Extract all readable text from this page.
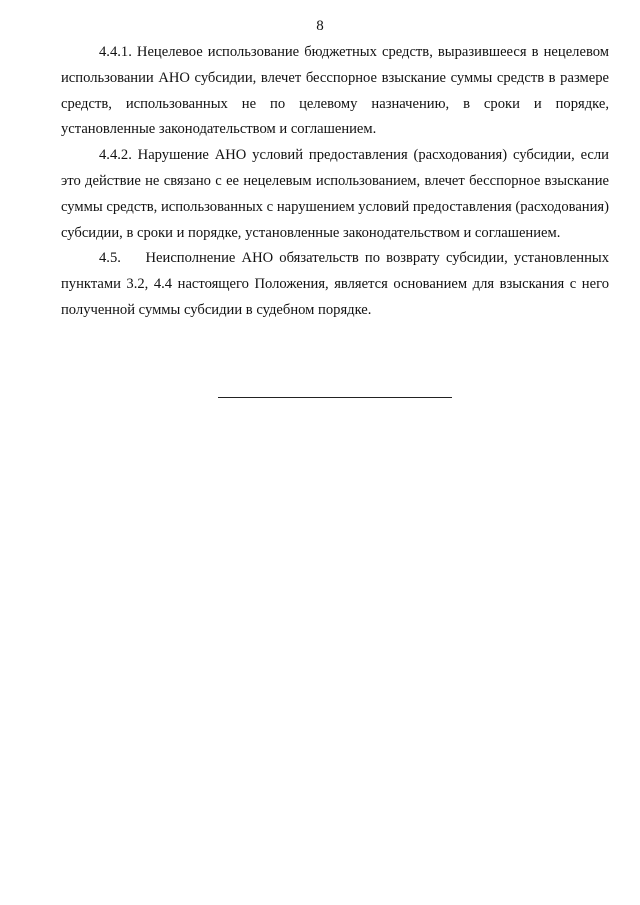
8

4.4.1. Нецелевое использование бюджетных средств, выразившееся в нецелевом использовании АНО субсидии, влечет бесспорное взыскание суммы средств в размере средств, использованных не по целевому назначению, в сроки и порядке, установленные законодательством и соглашением.

4.4.2. Нарушение АНО условий предоставления (расходования) субсидии, если это действие не связано с ее нецелевым использованием, влечет бесспорное взыскание суммы средств, использованных с нарушением условий предоставления (расходования) субсидии, в сроки и порядке, установленные законодательством и соглашением.

4.5.    Неисполнение АНО обязательств по возврату субсидии, установленных пунктами 3.2, 4.4 настоящего Положения, является основанием для взыскания с него полученной суммы субсидии в судебном порядке.
